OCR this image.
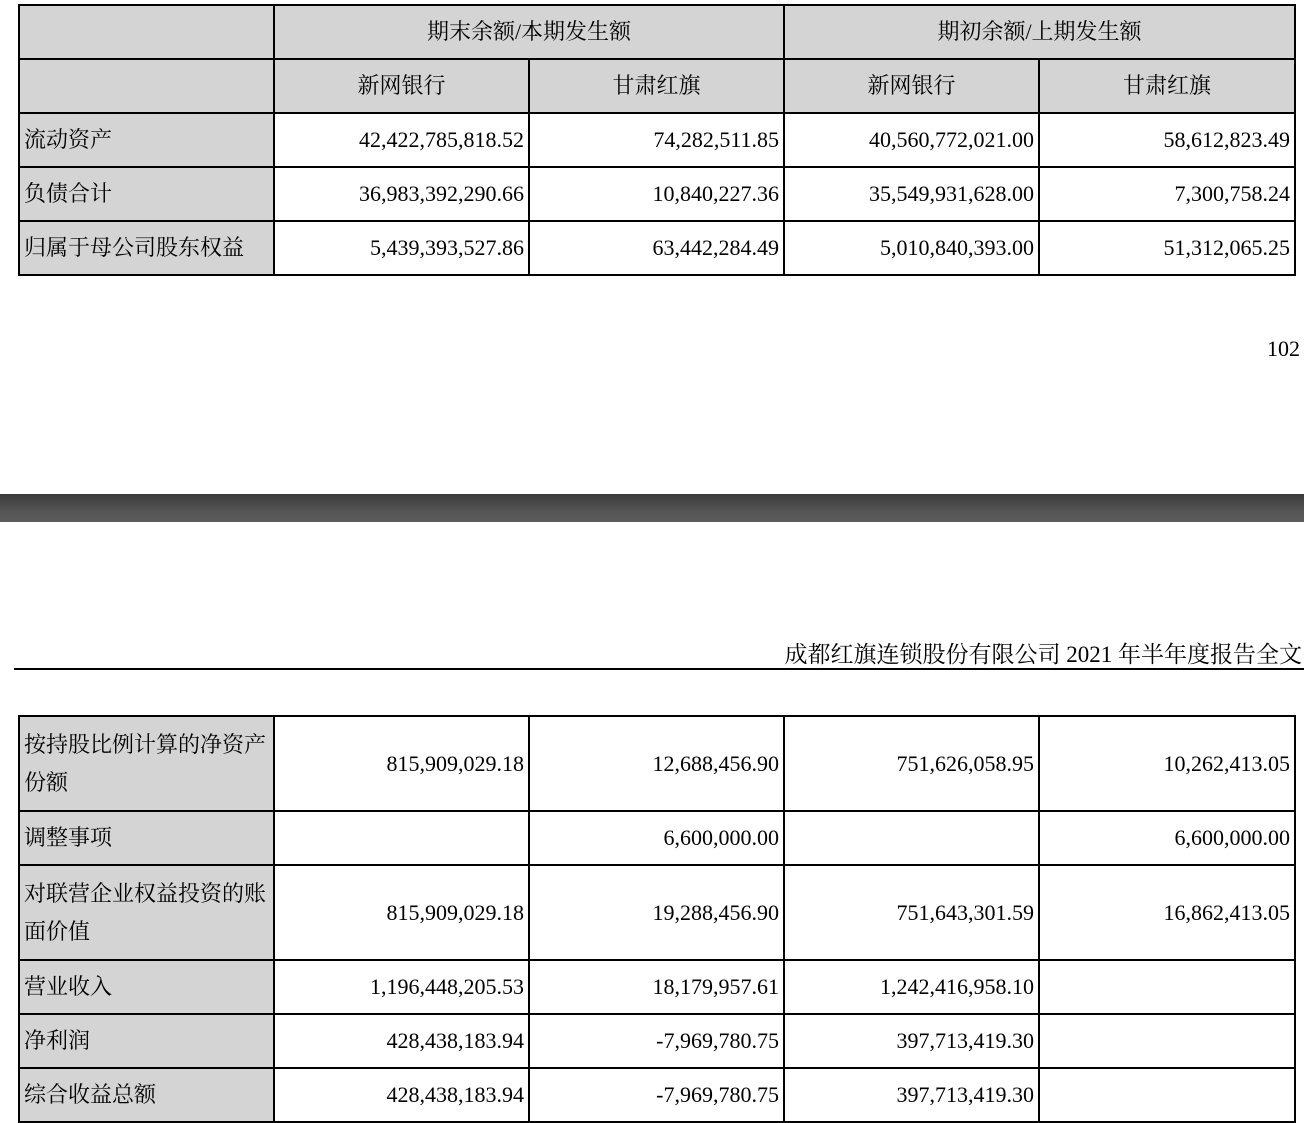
	期末余额/本期发生额		期初余额/上期发生额	
	新网银行	甘肃红旗	新网银行	甘肃红旗
流动资产	42,422,785,818.52	74,282,511.85	40,560,772,021.00	58,612,823.49
负债合计	36,983,392,290.66	10,840,227.36	35,549,931,628.00	7,300,758.24
归属于母公司股东权益	5,439,393,527.86	63,442,284.49	5,010,840,393.00	51,312,065.25
102
成都红旗连锁股份有限公司 2021 年半年度报告全文
按持股比例计算的净资产份额	815,909,029.18	12,688,456.90	751,626,058.95	10,262,413.05
调整事项		6,600,000.00		6,600,000.00
对联营企业权益投资的账面价值	815,909,029.18	19,288,456.90	751,643,301.59	16,862,413.05
营业收入	1,196,448,205.53	18,179,957.61	1,242,416,958.10	
净利润	428,438,183.94	-7,969,780.75	397,713,419.30	
综合收益总额	428,438,183.94	-7,969,780.75	397,713,419.30	
